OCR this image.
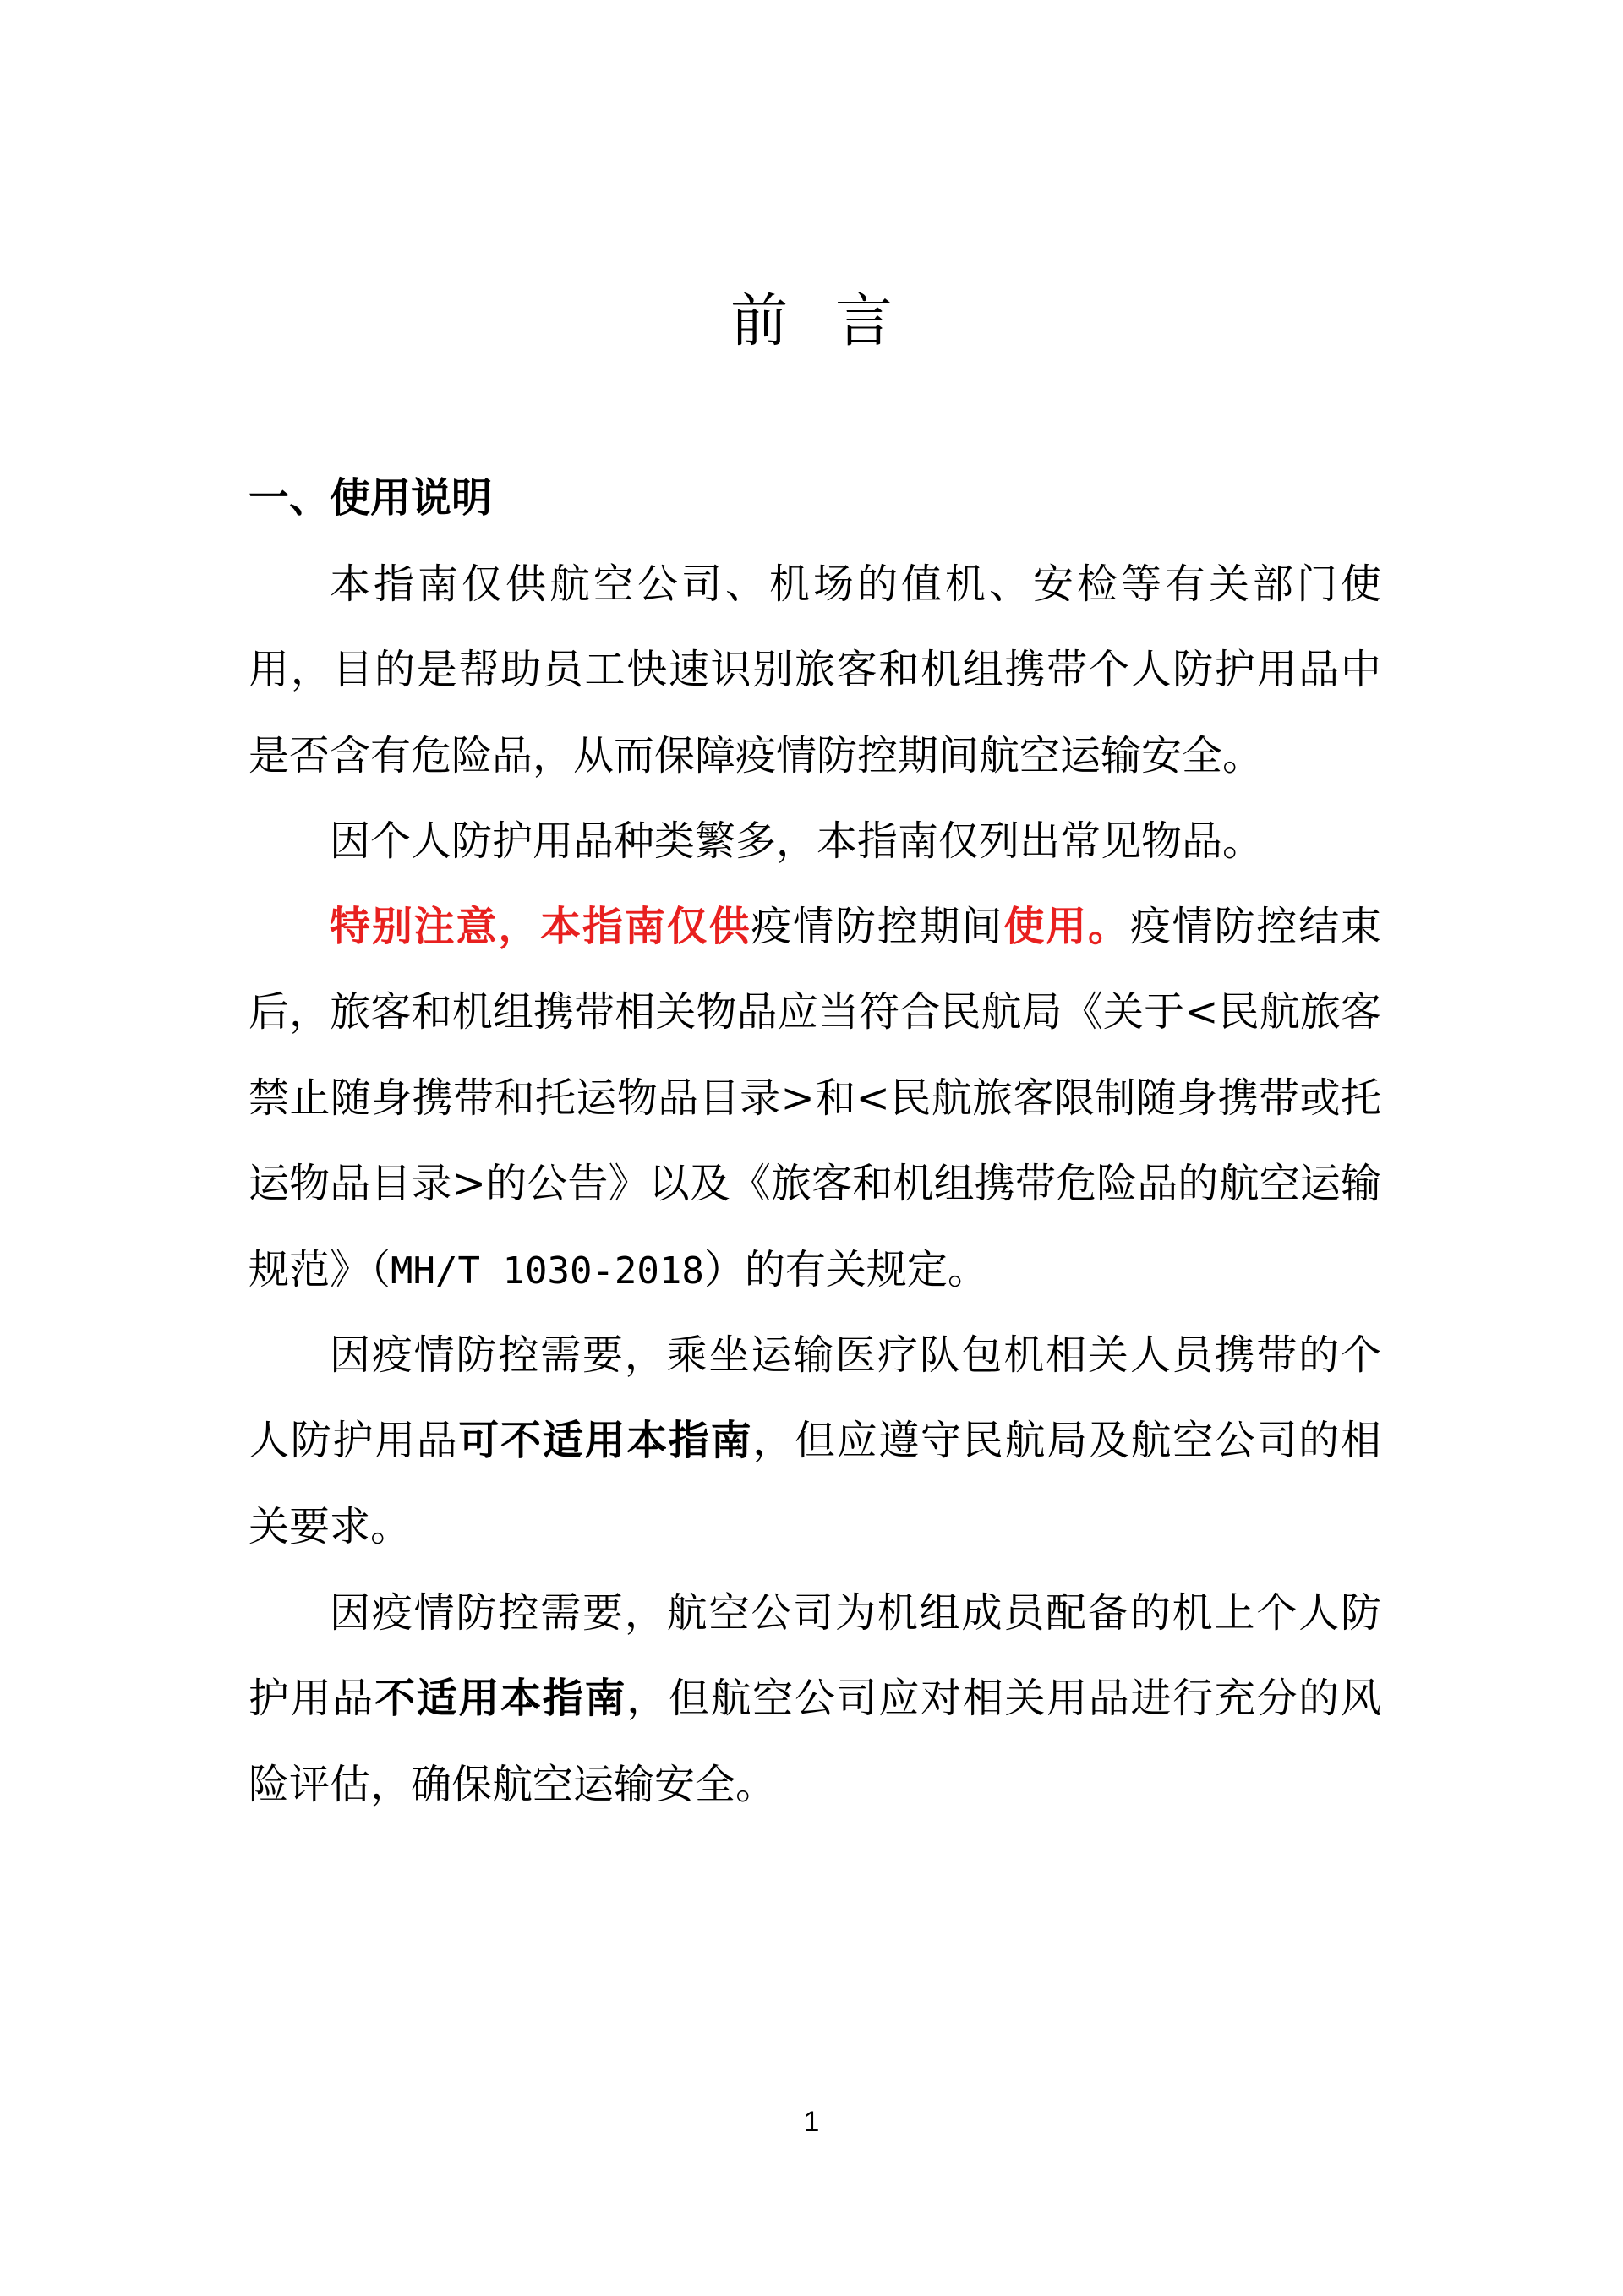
前 言
一、使用说明

本指南仅供航空公司、机场的值机、安检等有关部门使用，目的是帮助员工快速识别旅客和机组携带个人防护用品中是否含有危险品，从而保障疫情防控期间航空运输安全。

因个人防护用品种类繁多，本指南仅列出常见物品。

特别注意，本指南仅供疫情防控期间使用。疫情防控结束后，旅客和机组携带相关物品应当符合民航局《关于<民航旅客禁止随身携带和托运物品目录>和<民航旅客限制随身携带或托运物品目录>的公告》以及《旅客和机组携带危险品的航空运输规范》（MH/T 1030-2018）的有关规定。

因疫情防控需要，乘坐运输医疗队包机相关人员携带的个人防护用品可不适用本指南，但应遵守民航局及航空公司的相关要求。

因疫情防控需要，航空公司为机组成员配备的机上个人防护用品不适用本指南，但航空公司应对相关用品进行充分的风险评估，确保航空运输安全。

1
